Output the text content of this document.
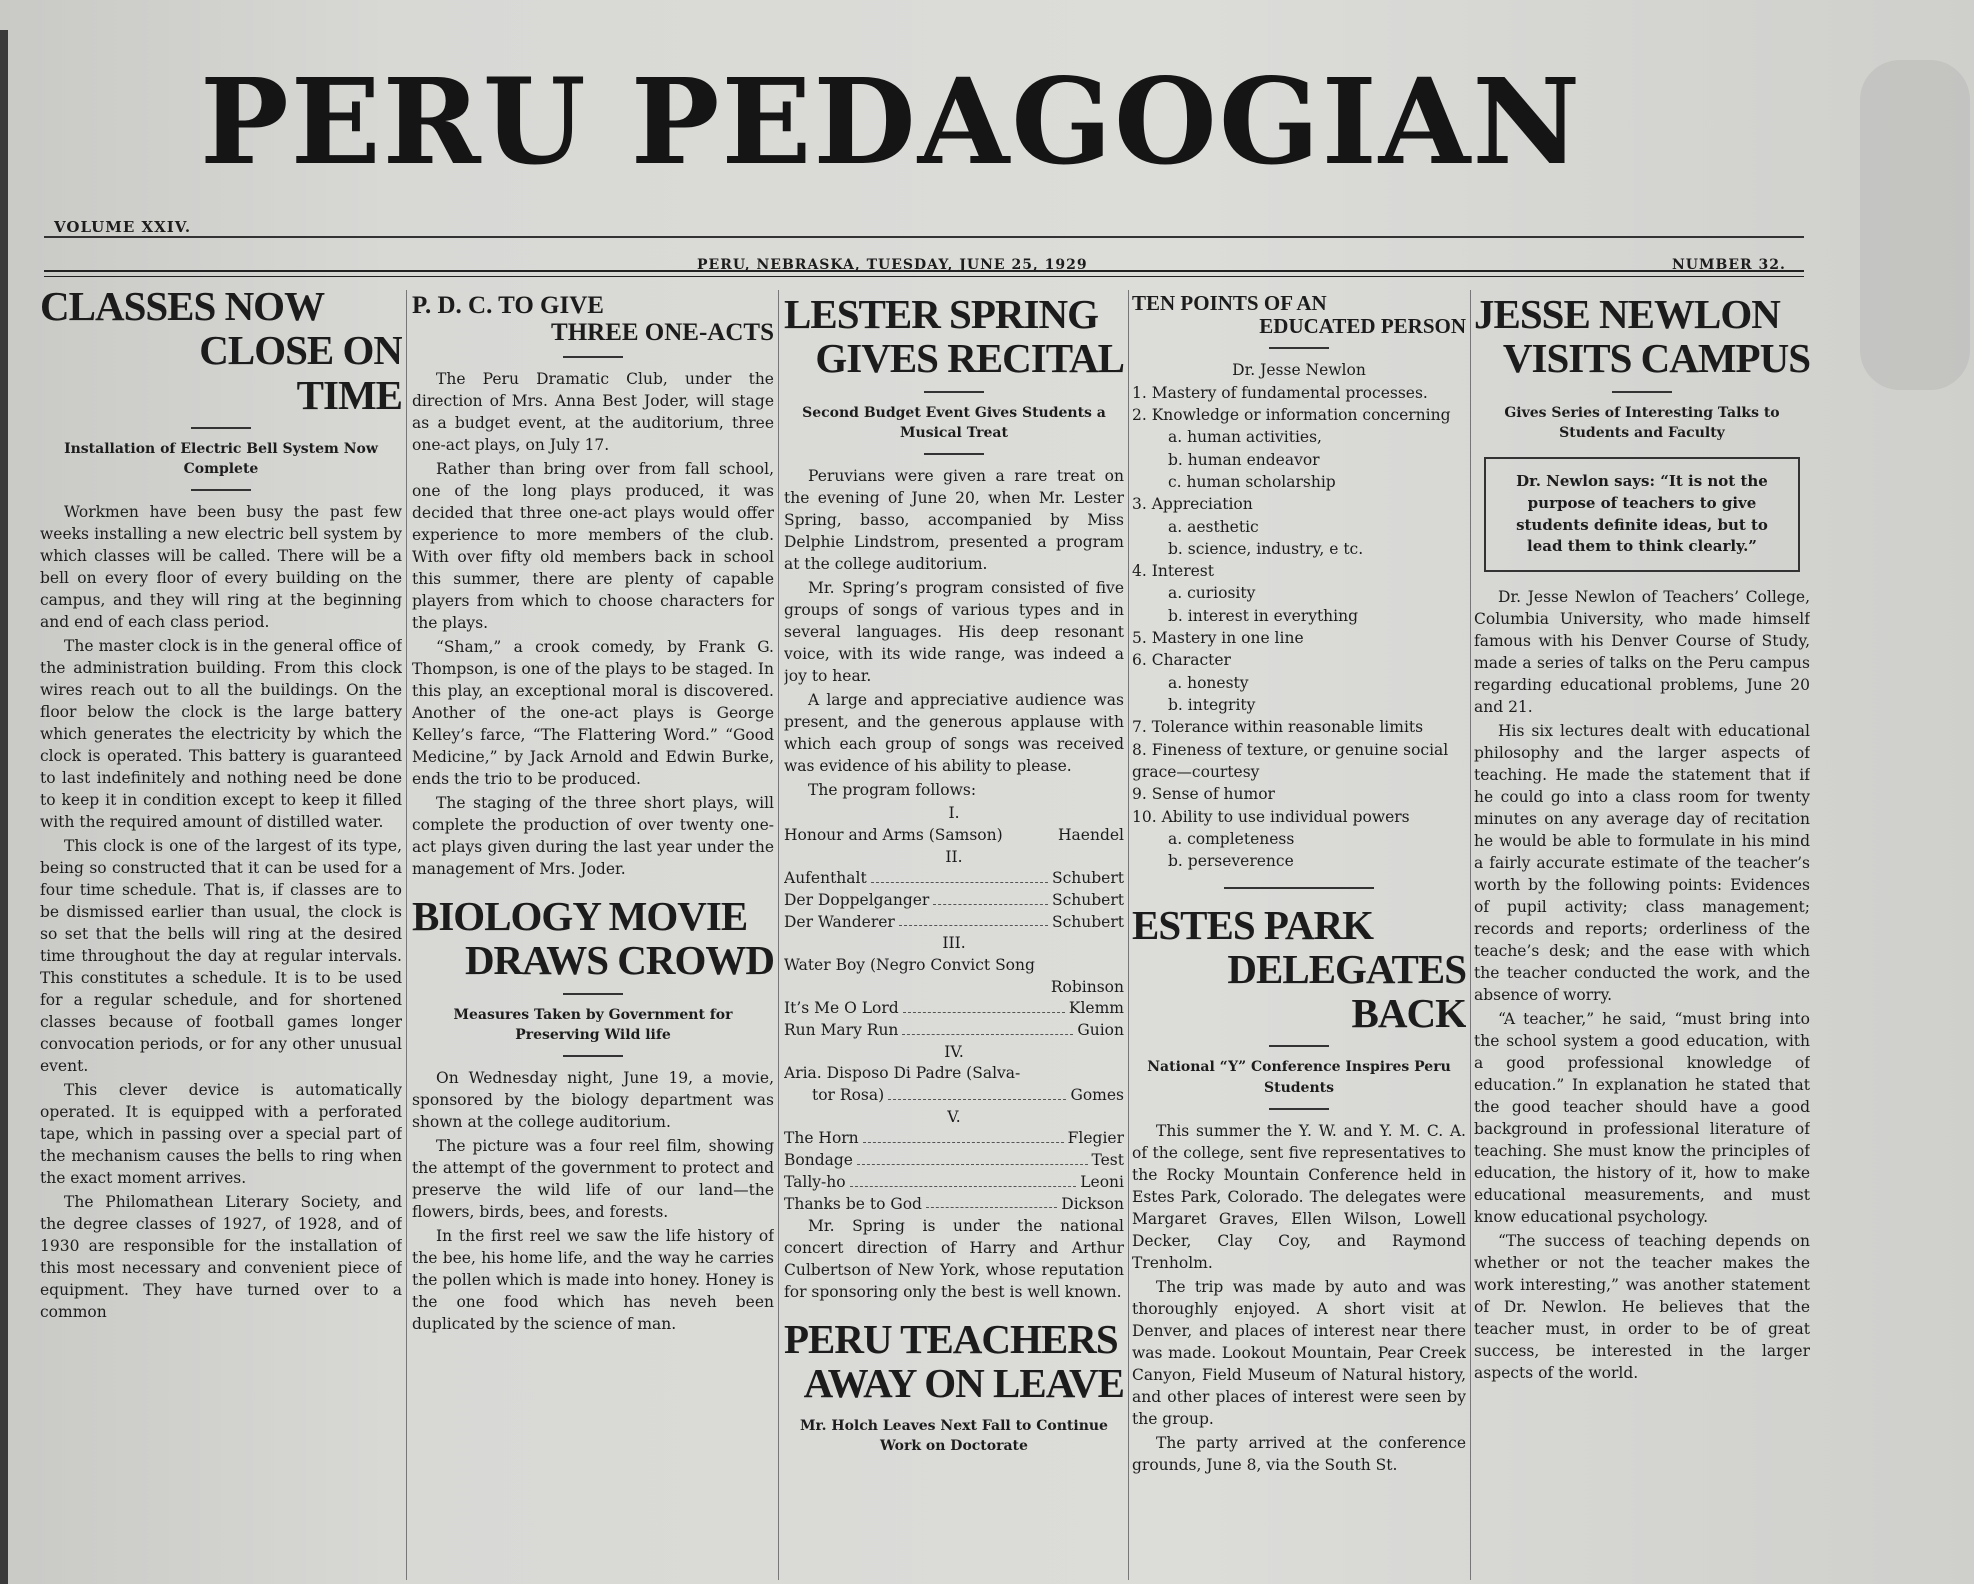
PERU PEDAGOGIAN
VOLUME XXIV.
PERU, NEBRASKA, TUESDAY, JUNE 25, 1929	NUMBER 32.
CLASSES NOW
CLOSE ON TIME
Installation of Electric Bell System Now Complete

Workmen have been busy the past few weeks installing a new electric bell system by which classes will be called. There will be a bell on every floor of every building on the campus, and they will ring at the beginning and end of each class period.

The master clock is in the general office of the administration building. From this clock wires reach out to all the buildings. On the floor below the clock is the large battery which generates the electricity by which the clock is operated. This battery is guaranteed to last indefinitely and nothing need be done to keep it in condition except to keep it filled with the required amount of distilled water.

This clock is one of the largest of its type, being so constructed that it can be used for a four time schedule. That is, if classes are to be dismissed earlier than usual, the clock is so set that the bells will ring at the desired time throughout the day at regular intervals. This constitutes a schedule. It is to be used for a regular schedule, and for shortened classes because of football games longer convocation periods, or for any other unusual event.

This clever device is automatically operated. It is equipped with a perforated tape, which in passing over a special part of the mechanism causes the bells to ring when the exact moment arrives.

The Philomathean Literary Society, and the degree classes of 1927, of 1928, and of 1930 are responsible for the installation of this most necessary and convenient piece of equipment. They have turned over to a common

P. D. C. TO GIVE
THREE ONE-ACTS

The Peru Dramatic Club, under the direction of Mrs. Anna Best Joder, will stage as a budget event, at the auditorium, three one-act plays, on July 17.

Rather than bring over from fall school, one of the long plays produced, it was decided that three one-act plays would offer experience to more members of the club. With over fifty old members back in school this summer, there are plenty of capable players from which to choose characters for the plays.

“Sham,” a crook comedy, by Frank G. Thompson, is one of the plays to be staged. In this play, an exceptional moral is discovered. Another of the one-act plays is George Kelley’s farce, “The Flattering Word.” “Good Medicine,” by Jack Arnold and Edwin Burke, ends the trio to be produced.

The staging of the three short plays, will complete the production of over twenty one-act plays given during the last year under the management of Mrs. Joder.

BIOLOGY MOVIE
DRAWS CROWD
Measures Taken by Government for Preserving Wild life

On Wednesday night, June 19, a movie, sponsored by the biology department was shown at the college auditorium.

The picture was a four reel film, showing the attempt of the government to protect and preserve the wild life of our land—the flowers, birds, bees, and forests.

In the first reel we saw the life history of the bee, his home life, and the way he carries the pollen which is made into honey. Honey is the one food which has neveh been duplicated by the science of man.

LESTER SPRING
GIVES RECITAL
Second Budget Event Gives Students a Musical Treat

Peruvians were given a rare treat on the evening of June 20, when Mr. Lester Spring, basso, accompanied by Miss Delphie Lindstrom, presented a program at the college auditorium.

Mr. Spring’s program consisted of five groups of songs of various types and in several languages. His deep resonant voice, with its wide range, was indeed a joy to hear.

A large and appreciative audience was present, and the generous applause with which each group of songs was received was evidence of his ability to please.

The program follows:

I.
Honour and Arms (Samson)	Haendel
II.
Aufenthalt	Schubert
Der Doppelganger	Schubert
Der Wanderer	Schubert
III.
Water Boy (Negro Convict Song
Robinson
It’s Me O Lord	Klemm
Run Mary Run	Guion
IV.
Aria. Disposo Di Padre (Salva-
tor Rosa)	Gomes
V.
The Horn	Flegier
Bondage	Test
Tally-ho	Leoni
Thanks be to God	Dickson

Mr. Spring is under the national concert direction of Harry and Arthur Culbertson of New York, whose reputation for sponsoring only the best is well known.

PERU TEACHERS
AWAY ON LEAVE
Mr. Holch Leaves Next Fall to Continue Work on Doctorate
TEN POINTS OF AN
EDUCATED PERSON
Dr. Jesse Newlon
1. Mastery of fundamental processes.
2. Knowledge or information concerning
a. human activities,
b. human endeavor
c. human scholarship
3. Appreciation
a. aesthetic
b. science, industry, e tc.
4. Interest
a. curiosity
b. interest in everything
5. Mastery in one line
6. Character
a. honesty
b. integrity
7. Tolerance within reasonable limits
8. Fineness of texture, or genuine social grace—courtesy
9. Sense of humor
10. Ability to use individual powers
a. completeness
b. perseverence
ESTES PARK
DELEGATES BACK
National “Y” Conference Inspires Peru Students

This summer the Y. W. and Y. M. C. A. of the college, sent five representatives to the Rocky Mountain Conference held in Estes Park, Colorado. The delegates were Margaret Graves, Ellen Wilson, Lowell Decker, Clay Coy, and Raymond Trenholm.

The trip was made by auto and was thoroughly enjoyed. A short visit at Denver, and places of interest near there was made. Lookout Mountain, Pear Creek Canyon, Field Museum of Natural history, and other places of interest were seen by the group.

The party arrived at the conference grounds, June 8, via the South St.

JESSE NEWLON
VISITS CAMPUS
Gives Series of Interesting Talks to Students and Faculty
Dr. Newlon says: “It is not the purpose of teachers to give students definite ideas, but to lead them to think clearly.”

Dr. Jesse Newlon of Teachers’ College, Columbia University, who made himself famous with his Denver Course of Study, made a series of talks on the Peru campus regarding educational problems, June 20 and 21.

His six lectures dealt with educational philosophy and the larger aspects of teaching. He made the statement that if he could go into a class room for twenty minutes on any average day of recitation he would be able to formulate in his mind a fairly accurate estimate of the teacher’s worth by the following points: Evidences of pupil activity; class management; records and reports; orderliness of the teache’s desk; and the ease with which the teacher conducted the work, and the absence of worry.

“A teacher,” he said, “must bring into the school system a good education, with a good professional knowledge of education.” In explanation he stated that the good teacher should have a good background in professional literature of teaching. She must know the principles of education, the history of it, how to make educational measurements, and must know educational psychology.

“The success of teaching depends on whether or not the teacher makes the work interesting,” was another statement of Dr. Newlon. He believes that the teacher must, in order to be of great success, be interested in the larger aspects of the world.
